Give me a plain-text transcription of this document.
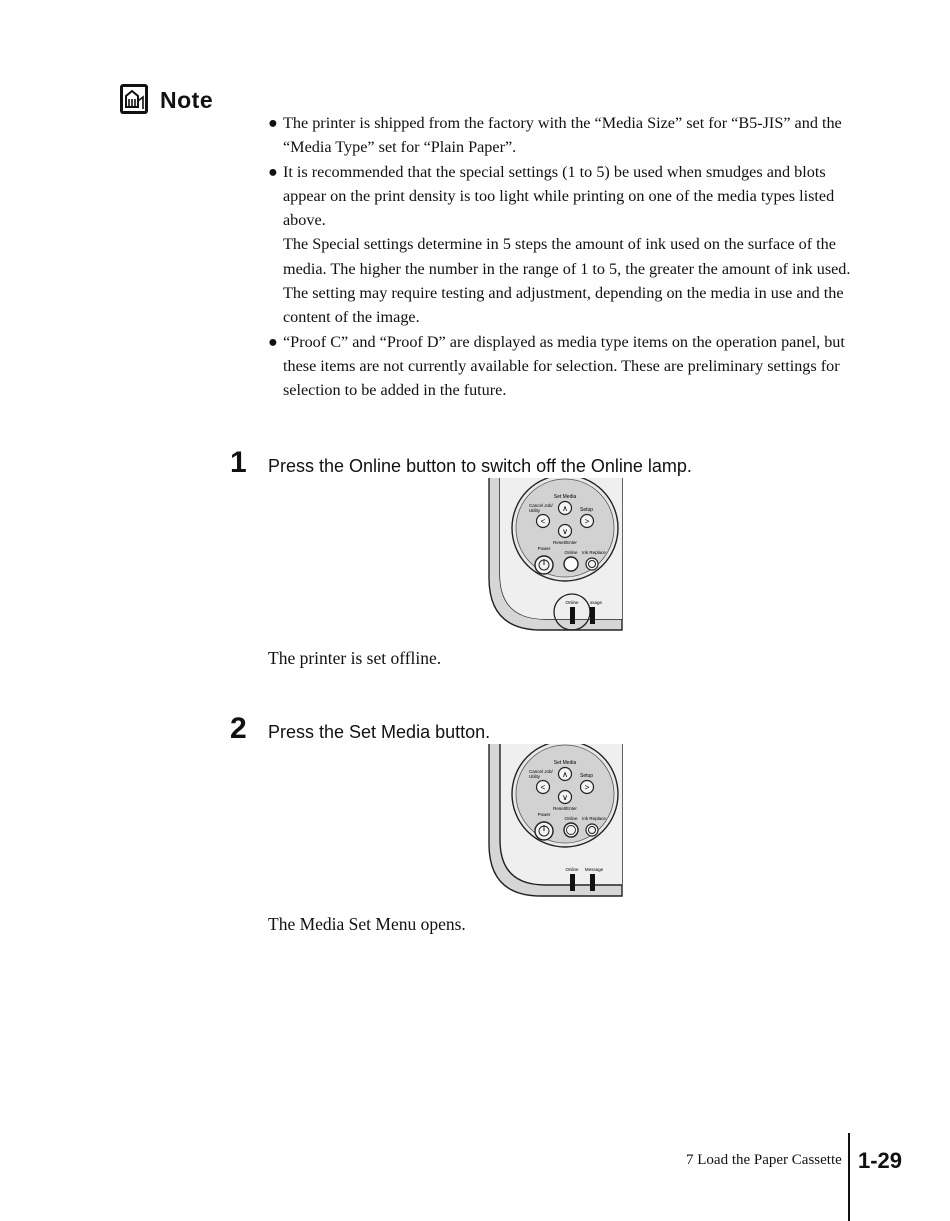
Note
● The printer is shipped from the factory with the “Media Size” set for “B5-JIS” and the “Media Type” set for “Plain Paper”.
● It is recommended that the special settings (1 to 5) be used when smudges and blots appear on the print density is too light while printing on one of the media types listed above.
The Special settings determine in 5 steps the amount of ink used on the surface of the media. The higher the number in the range of 1 to 5, the greater the amount of ink used. The setting may require testing and adjustment, depending on the media in use and the content of the image.
● “Proof C” and “Proof D” are displayed as media type items on the operation panel, but these items are not currently available for selection. These are preliminary settings for selection to be added in the future.
1 Press the Online button to switch off the Online lamp.
Set Media
∧
Cancel Job/
Utility
<
Setup
>
∨
Reset/Enter
Power
Online Ink Replace
Online	ssage
The printer is set offline.
2 Press the Set Media button.
Set Media
∧
Cancel Job/
Utility
<
Setup
>
∨
Reset/Enter
Power
Online Ink Replace
Online Message
The Media Set Menu opens.
7 Load the Paper Cassette 1-29
